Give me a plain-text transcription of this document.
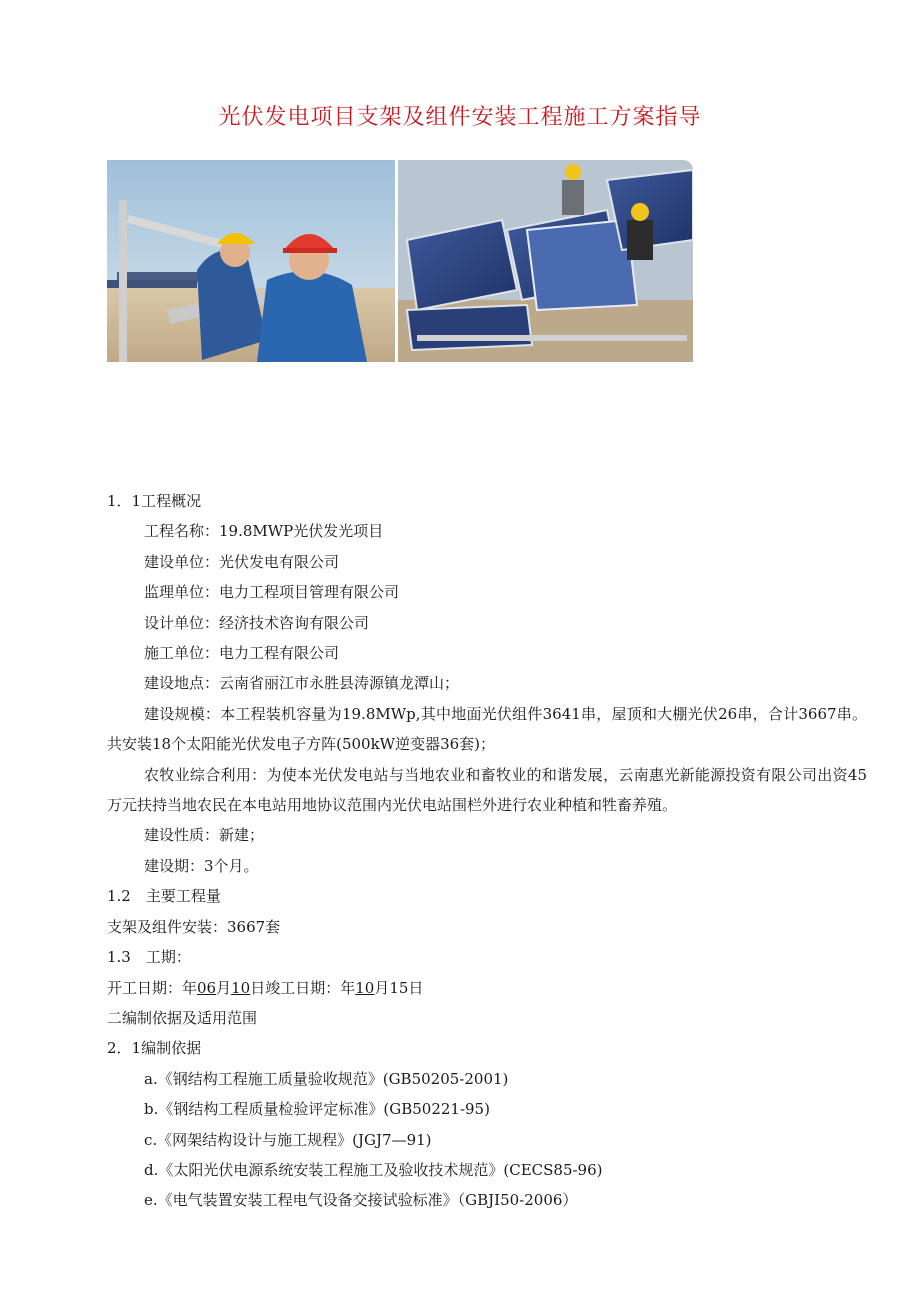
光伏发电项目支架及组件安装工程施工方案指导
1．1工程概况
工程名称：19.8MWP光伏发光项目
建设单位：光伏发电有限公司
监理单位：电力工程项目管理有限公司
设计单位：经济技术咨询有限公司
施工单位：电力工程有限公司
建设地点：云南省丽江市永胜县涛源镇龙潭山；
建设规模：本工程装机容量为19.8MWp,其中地面光伏组件3641串，屋顶和大棚光伏26串，合计3667串。共安装18个太阳能光伏发电子方阵(500kW逆变器36套)；
农牧业综合利用：为使本光伏发电站与当地农业和畜牧业的和谐发展，云南惠光新能源投资有限公司出资45万元扶持当地农民在本电站用地协议范围内光伏电站围栏外进行农业种植和牲畜养殖。
建设性质：新建；
建设期：3个月。
1.2　主要工程量
支架及组件安装：3667套
1.3　工期：
开工日期：年06月10日竣工日期：年10月15日
二编制依据及适用范围
2．1编制依据
a.《钢结构工程施工质量验收规范》(GB50205-2001)
b.《钢结构工程质量检验评定标准》(GB50221-95)
c.《网架结构设计与施工规程》(JGJ7—91)
d.《太阳光伏电源系统安装工程施工及验收技术规范》(CECS85-96)
e.《电气装置安装工程电气设备交接试验标准》（GBJI50-2006）
